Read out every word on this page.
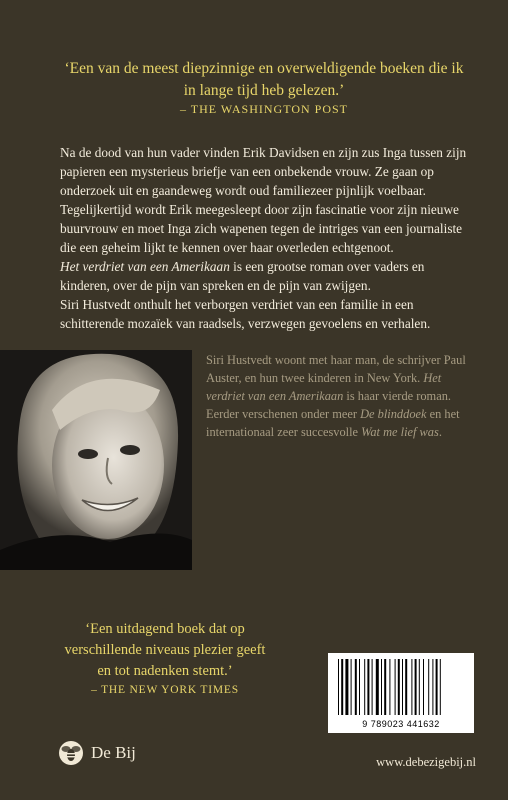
‘Een van de meest diepzinnige en overweldigende boeken die ik in lange tijd heb gelezen.’
– THE WASHINGTON POST

Na de dood van hun vader vinden Erik Davidsen en zijn zus Inga tussen zijn papieren een mysterieus briefje van een onbekende vrouw. Ze gaan op onderzoek uit en gaandeweg wordt oud familiezeer pijnlijk voelbaar. Tegelijkertijd wordt Erik meegesleept door zijn fascinatie voor zijn nieuwe buurvrouw en moet Inga zich wapenen tegen de intriges van een journaliste die een geheim lijkt te kennen over haar overleden echtgenoot.

Het verdriet van een Amerikaan is een grootse roman over vaders en kinderen, over de pijn van spreken en de pijn van zwijgen.

Siri Hustvedt onthult het verborgen verdriet van een familie in een schitterende mozaïek van raadsels, verzwegen gevoelens en verhalen.

Siri Hustvedt woont met haar man, de schrijver Paul Auster, en hun twee kinderen in New York. Het verdriet van een Amerikaan is haar vierde roman. Eerder verschenen onder meer De blinddoek en het internationaal zeer succesvolle Wat me lief was.

‘Een uitdagend boek dat op verschillende niveaus plezier geeft en tot nadenken stemt.’
– THE NEW YORK TIMES
9 789023 441632
De Bij	www.debezigebij.nl
